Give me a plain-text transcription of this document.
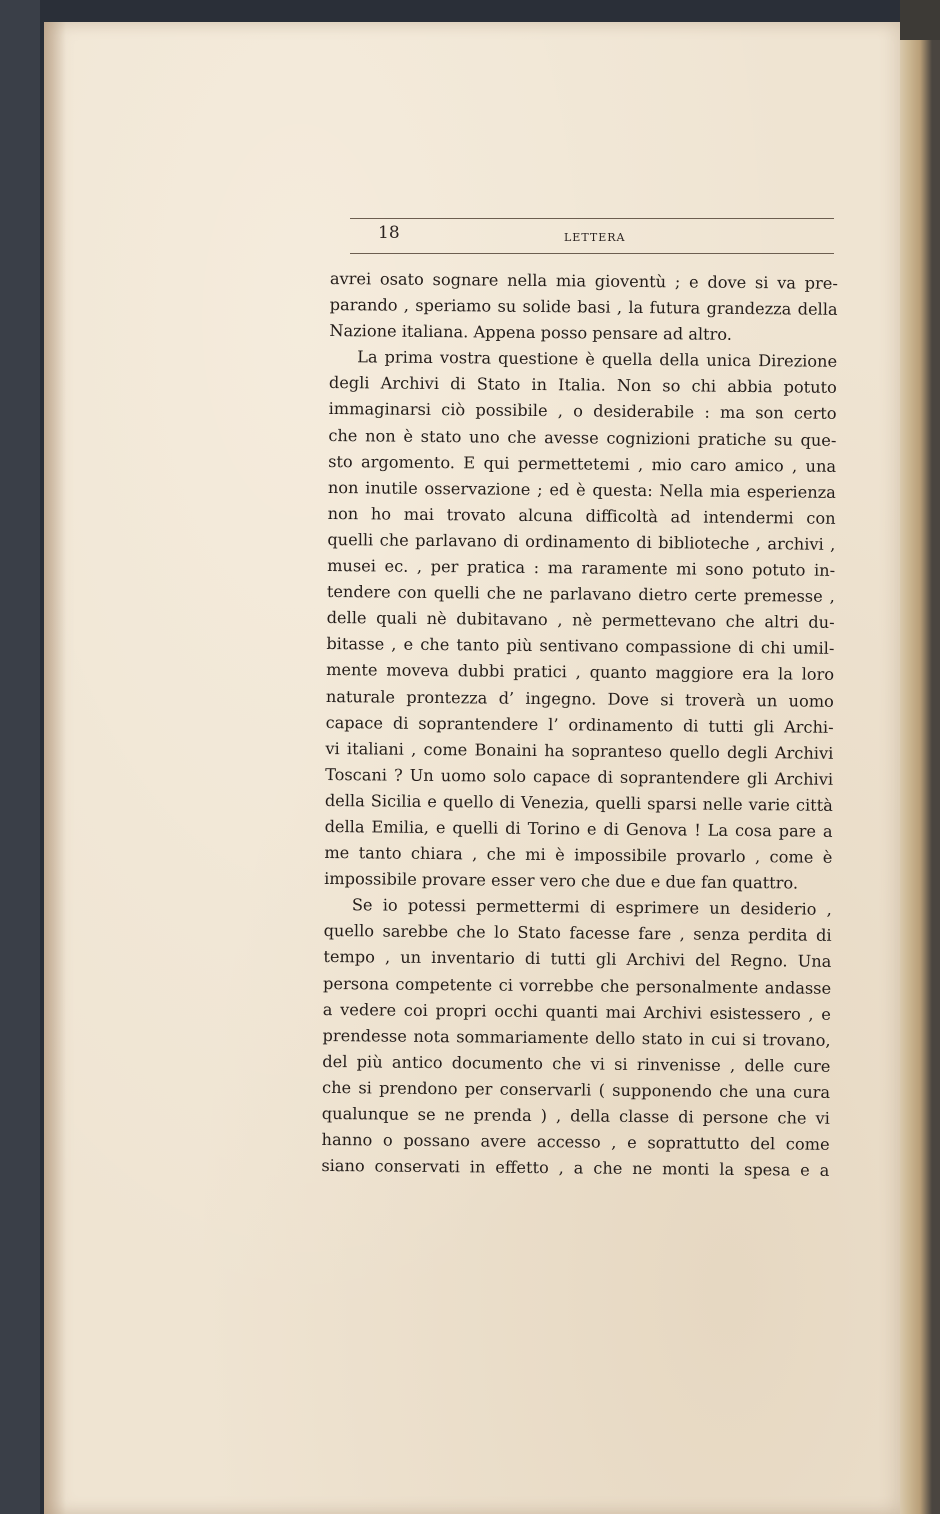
18	LETTERA
avrei osato sognare nella mia gioventù ; e dove si va pre-
parando , speriamo su solide basi , la futura grandezza della
Nazione italiana. Appena posso pensare ad altro.
La prima vostra questione è quella della unica Direzione
degli Archivi di Stato in Italia. Non so chi abbia potuto
immaginarsi ciò possibile , o desiderabile : ma son certo
che non è stato uno che avesse cognizioni pratiche su que-
sto argomento. E qui permettetemi , mio caro amico , una
non inutile osservazione ; ed è questa: Nella mia esperienza
non ho mai trovato alcuna difficoltà ad intendermi con
quelli che parlavano di ordinamento di biblioteche , archivi ,
musei ec. , per pratica : ma raramente mi sono potuto in-
tendere con quelli che ne parlavano dietro certe premesse ,
delle quali nè dubitavano , nè permettevano che altri du-
bitasse , e che tanto più sentivano compassione di chi umil-
mente moveva dubbi pratici , quanto maggiore era la loro
naturale prontezza d’ ingegno. Dove si troverà un uomo
capace di soprantendere l’ ordinamento di tutti gli Archi-
vi italiani , come Bonaini ha sopranteso quello degli Archivi
Toscani ? Un uomo solo capace di soprantendere gli Archivi
della Sicilia e quello di Venezia, quelli sparsi nelle varie città
della Emilia, e quelli di Torino e di Genova ! La cosa pare a
me tanto chiara , che mi è impossibile provarlo , come è
impossibile provare esser vero che due e due fan quattro.
Se io potessi permettermi di esprimere un desiderio ,
quello sarebbe che lo Stato facesse fare , senza perdita di
tempo , un inventario di tutti gli Archivi del Regno. Una
persona competente ci vorrebbe che personalmente andasse
a vedere coi propri occhi quanti mai Archivi esistessero , e
prendesse nota sommariamente dello stato in cui si trovano,
del più antico documento che vi si rinvenisse , delle cure
che si prendono per conservarli ( supponendo che una cura
qualunque se ne prenda ) , della classe di persone che vi
hanno o possano avere accesso , e soprattutto del come
siano conservati in effetto , a che ne monti la spesa e a
